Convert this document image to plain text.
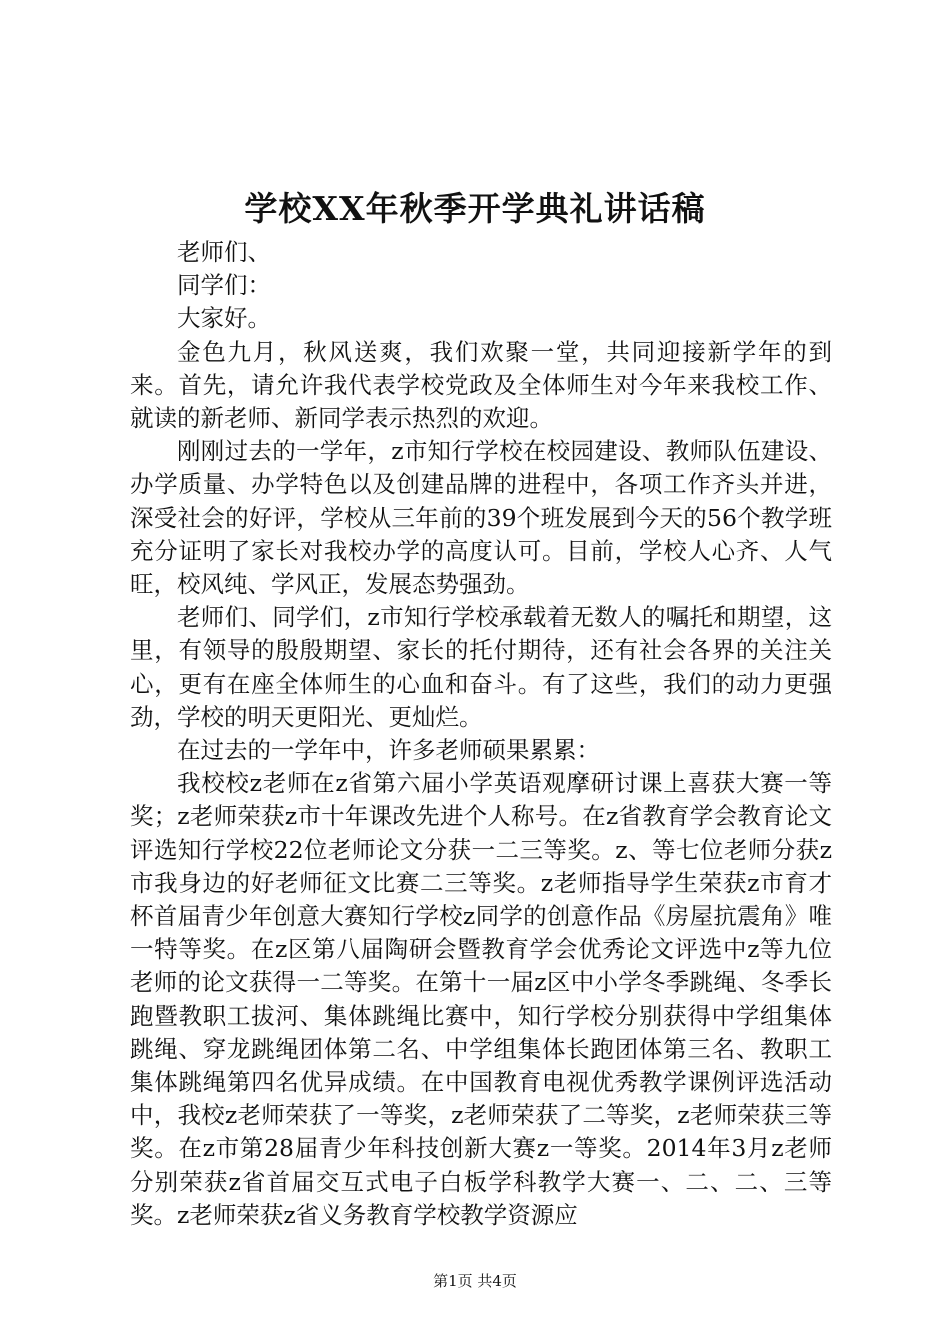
学校XX年秋季开学典礼讲话稿

老师们、

同学们：

大家好。

金色九月，秋风送爽，我们欢聚一堂，共同迎接新学年的到来。首先，请允许我代表学校党政及全体师生对今年来我校工作、就读的新老师、新同学表示热烈的欢迎。

刚刚过去的一学年，z市知行学校在校园建设、教师队伍建设、办学质量、办学特色以及创建品牌的进程中，各项工作齐头并进，深受社会的好评，学校从三年前的39个班发展到今天的56个教学班充分证明了家长对我校办学的高度认可。目前，学校人心齐、人气旺，校风纯、学风正，发展态势强劲。

老师们、同学们，z市知行学校承载着无数人的嘱托和期望，这里，有领导的殷殷期望、家长的托付期待，还有社会各界的关注关心，更有在座全体师生的心血和奋斗。有了这些，我们的动力更强劲，学校的明天更阳光、更灿烂。

在过去的一学年中，许多老师硕果累累：

我校校z老师在z省第六届小学英语观摩研讨课上喜获大赛一等奖；z老师荣获z市十年课改先进个人称号。在z省教育学会教育论文评选知行学校22位老师论文分获一二三等奖。z、等七位老师分获z市我身边的好老师征文比赛二三等奖。z老师指导学生荣获z市育才杯首届青少年创意大赛知行学校z同学的创意作品《房屋抗震角》唯一特等奖。在z区第八届陶研会暨教育学会优秀论文评选中z等九位老师的论文获得一二等奖。在第十一届z区中小学冬季跳绳、冬季长跑暨教职工拔河、集体跳绳比赛中，知行学校分别获得中学组集体跳绳、穿龙跳绳团体第二名、中学组集体长跑团体第三名、教职工集体跳绳第四名优异成绩。在中国教育电视优秀教学课例评选活动中，我校z老师荣获了一等奖，z老师荣获了二等奖，z老师荣获三等奖。在z市第28届青少年科技创新大赛z一等奖。2014年3月z老师分别荣获z省首届交互式电子白板学科教学大赛一、二、二、三等奖。z老师荣获z省义务教育学校教学资源应

第1页 共4页
